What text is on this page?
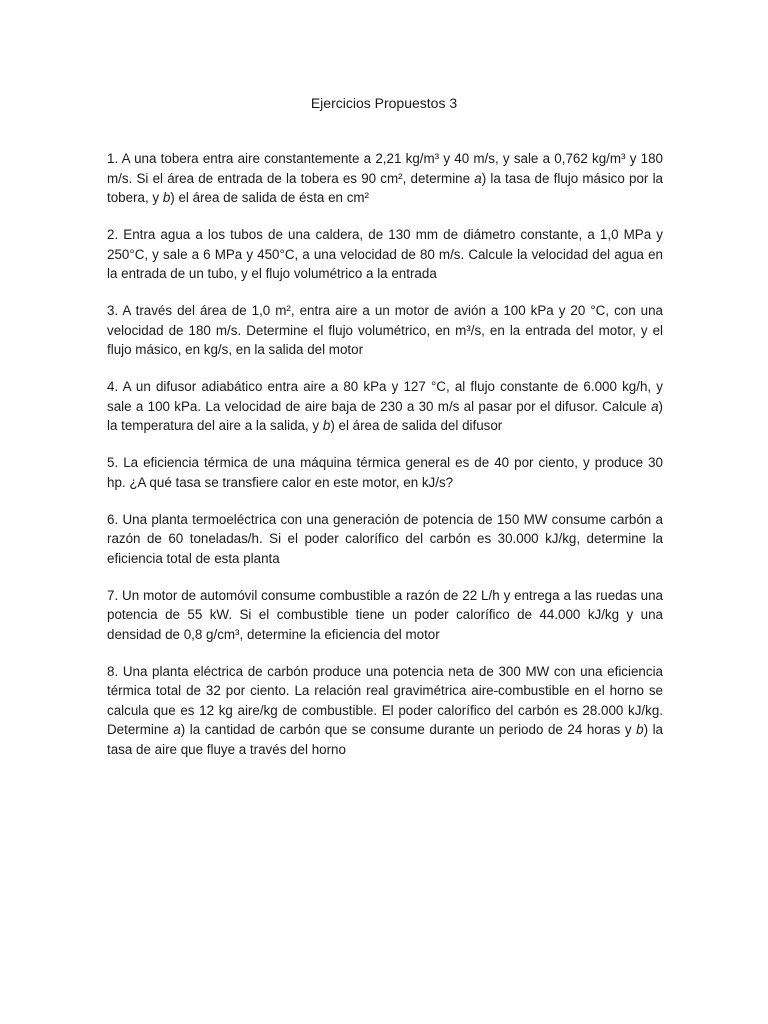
Ejercicios Propuestos 3

1. A una tobera entra aire constantemente a 2,21 kg/m³ y 40 m/s, y sale a 0,762 kg/m³ y 180 m/s. Si el área de entrada de la tobera es 90 cm², determine a) la tasa de flujo másico por la tobera, y b) el área de salida de ésta en cm²

2. Entra agua a los tubos de una caldera, de 130 mm de diámetro constante, a 1,0 MPa y 250°C, y sale a 6 MPa y 450°C, a una velocidad de 80 m/s. Calcule la velocidad del agua en la entrada de un tubo, y el flujo volumétrico a la entrada

3. A través del área de 1,0 m², entra aire a un motor de avión a 100 kPa y 20 °C, con una velocidad de 180 m/s. Determine el flujo volumétrico, en m³/s, en la entrada del motor, y el flujo másico, en kg/s, en la salida del motor

4. A un difusor adiabático entra aire a 80 kPa y 127 °C, al flujo constante de 6.000 kg/h, y sale a 100 kPa. La velocidad de aire baja de 230 a 30 m/s al pasar por el difusor. Calcule a) la temperatura del aire a la salida, y b) el área de salida del difusor

5. La eficiencia térmica de una máquina térmica general es de 40 por ciento, y produce 30 hp. ¿A qué tasa se transfiere calor en este motor, en kJ/s?

6. Una planta termoeléctrica con una generación de potencia de 150 MW consume carbón a razón de 60 toneladas/h. Si el poder calorífico del carbón es 30.000 kJ/kg, determine la eficiencia total de esta planta

7. Un motor de automóvil consume combustible a razón de 22 L/h y entrega a las ruedas una potencia de 55 kW. Si el combustible tiene un poder calorífico de 44.000 kJ/kg y una densidad de 0,8 g/cm³, determine la eficiencia del motor

8. Una planta eléctrica de carbón produce una potencia neta de 300 MW con una eficiencia térmica total de 32 por ciento. La relación real gravimétrica aire-combustible en el horno se calcula que es 12 kg aire/kg de combustible. El poder calorífico del carbón es 28.000 kJ/kg. Determine a) la cantidad de carbón que se consume durante un periodo de 24 horas y b) la tasa de aire que fluye a través del horno
